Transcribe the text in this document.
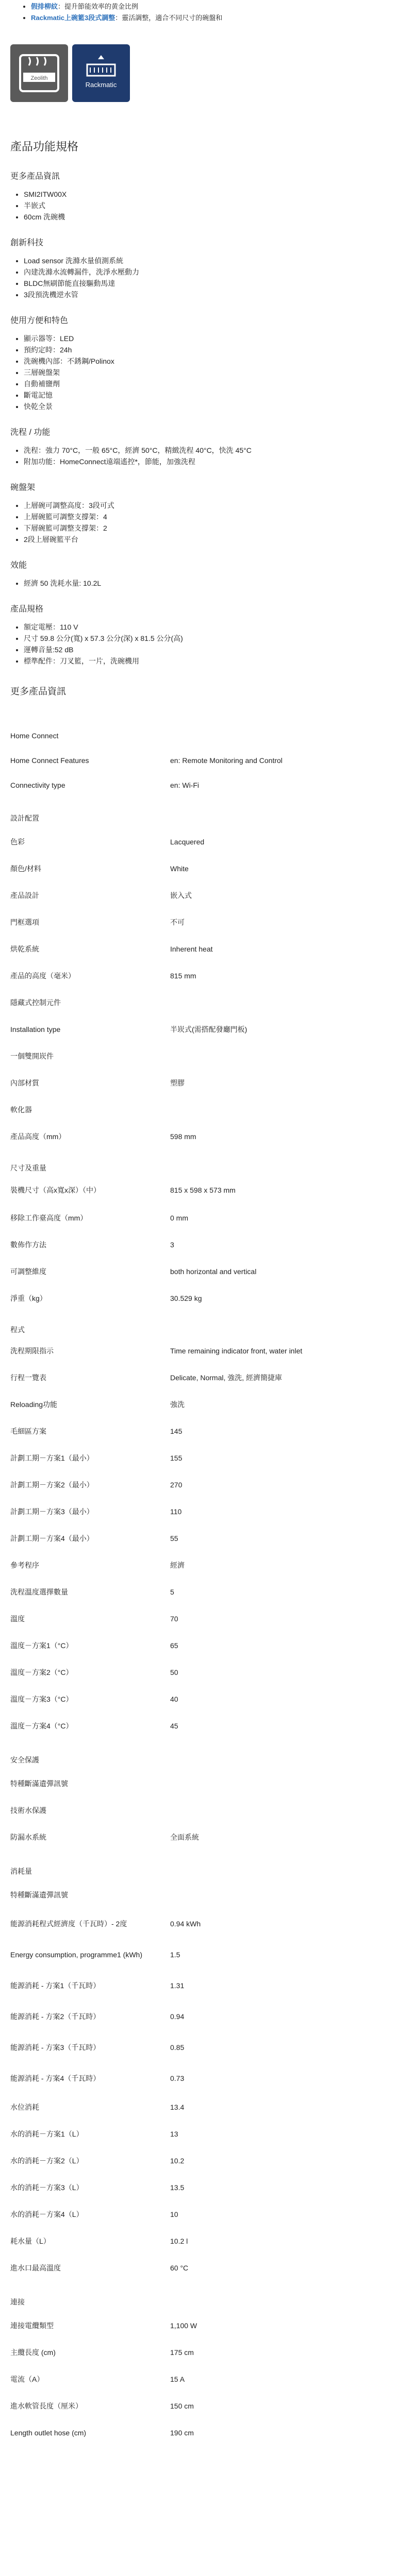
• 假排柳紋：提升節能效率的黄金比例
• Rackmatic上碗籃3段式調整：靈活調整，適合不同尺寸的碗盤和
Zeolith
Rackmatic
產品功能規格
更多產品資訊
• SMI2ITW00X
• 半嵌式
• 60cm 洗碗機
創新科技
• Load sensor 洗滌水量偵測系統
• 內建洗滌水流轉漏件，洗淨水壓動力
• BLDC無刷節能直接驅動馬達
• 3段預洗機逆水管
使用方便和特色
• 顯示器等：LED
• 預約定時：24h
• 洗碗機內部：不銹鋼/Polinox
• 三層碗盤架
• 自動補鹽劑
• 斷電記憶
• 快乾全景
洗程 / 功能
• 洗程：強力 70°C，一般 65°C，經濟 50°C，精緻洗程 40°C，快洗 45°C
• 附加功能：HomeConnect遠端遙控*，節能，加強洗程
碗盤架
• 上層碗可調整高度：3段可式
• 上層碗籃可調整支撐架：4
• 下層碗籃可調整支撐架：2
• 2段上層碗籃平台
效能
• 經濟 50 洗耗水量: 10.2L
產品規格
• 額定電壓：110 V
• 尺寸 59.8 公分(寬) x 57.3 公分(深) x 81.5 公分(高)
• 運轉音量:52 dB
• 標準配件：刀叉籃，一片，洗碗機用
更多產品資訊
Home Connect	
Home Connect Features	en: Remote Monitoring and Control
Connectivity type	en: Wi-Fi

設計配置	
色彩	Lacquered
顏色/材料	White
產品設計	嵌入式
門框選項	不可
烘乾系統	Inherent heat
產品的高度（毫米）	815 mm
隱藏式控制元件	
Installation type	半崁式(需搭配發廳門板)
一個雙開崁件	
內部材質	塑膠
軟化器	
產品高度（mm）	598 mm

尺寸及重量	
裝機尺寸（高x寬x深）（中）	815 x 598 x 573 mm
移除工作臺高度（mm）	0 mm
數佈作方法	3
可調整維度	both horizontal and vertical
淨重（kg）	30.529 kg

程式	
洗程期限指示	Time remaining indicator front, water inlet
行程一覽表	Delicate, Normal, 強洗, 經濟簡捷庫
Reloading功能	強洗
毛細區方案	145
計劃工期－方案1（最小）	155
計劃工期－方案2（最小）	270
計劃工期－方案3（最小）	110
計劃工期－方案4（最小）	55
參考程序	經濟
洗程溫度選擇數量	5
溫度	70
溫度－方案1（°C）	65
溫度－方案2（°C）	50
溫度－方案3（°C）	40
溫度－方案4（°C）	45

安全保護	
特種斷滿遺彈訊號	
技術水保護	
防漏水系統	全面系統

消耗量	
特種斷滿遺彈訊號	
能源消耗程式經濟度（千瓦時）- 2度	0.94 kWh
Energy consumption, programme1 (kWh)	1.5
能源消耗 - 方案1（千瓦時）	1.31
能源消耗 - 方案2（千瓦時）	0.94
能源消耗 - 方案3（千瓦時）	0.85
能源消耗 - 方案4（千瓦時）	0.73
水位消耗	13.4
水的消耗－方案1（L）	13
水的消耗－方案2（L）	10.2
水的消耗－方案3（L）	13.5
水的消耗－方案4（L）	10
耗水量（L）	10.2 l
進水口最高溫度	60 °C

連接	
連接電纜類型	1,100 W
主纜長度 (cm)	175 cm
電流（A）	15 A
進水軟管長度（厘米）	150 cm
Length outlet hose (cm)	190 cm
